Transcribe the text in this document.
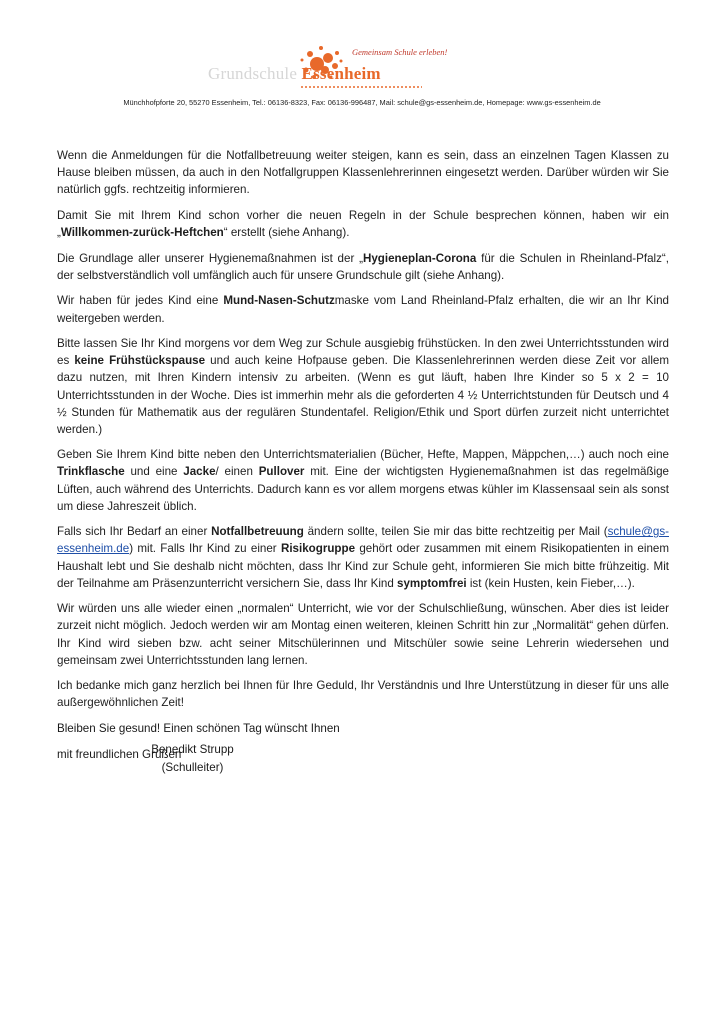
Gemeinsam Schule erleben!
Grundschule Essenheim
Münchhofpforte 20, 55270 Essenheim, Tel.: 06136-8323, Fax: 06136-996487, Mail: schule@gs-essenheim.de, Homepage: www.gs-essenheim.de

Wenn die Anmeldungen für die Notfallbetreuung weiter steigen, kann es sein, dass an einzelnen Tagen Klassen zu Hause bleiben müssen, da auch in den Notfallgruppen Klassenlehrerinnen eingesetzt werden. Darüber würden wir Sie natürlich ggfs. rechtzeitig informieren.

Damit Sie mit Ihrem Kind schon vorher die neuen Regeln in der Schule besprechen können, haben wir ein „Willkommen-zurück-Heftchen“ erstellt (siehe Anhang).

Die Grundlage aller unserer Hygienemaßnahmen ist der „Hygieneplan-Corona für die Schulen in Rheinland-Pfalz“, der selbstverständlich voll umfänglich auch für unsere Grundschule gilt (siehe Anhang).

Wir haben für jedes Kind eine Mund-Nasen-Schutzmaske vom Land Rheinland-Pfalz erhalten, die wir an Ihr Kind weitergeben werden.

Bitte lassen Sie Ihr Kind morgens vor dem Weg zur Schule ausgiebig frühstücken. In den zwei Unterrichtsstunden wird es keine Frühstückspause und auch keine Hofpause geben. Die Klassenlehrerinnen werden diese Zeit vor allem dazu nutzen, mit Ihren Kindern intensiv zu arbeiten. (Wenn es gut läuft, haben Ihre Kinder so 5 x 2 = 10 Unterrichtsstunden in der Woche. Dies ist immerhin mehr als die geforderten 4 ½ Unterrichtstunden für Deutsch und 4 ½ Stunden für Mathematik aus der regulären Stundentafel. Religion/Ethik und Sport dürfen zurzeit nicht unterrichtet werden.)

Geben Sie Ihrem Kind bitte neben den Unterrichtsmaterialien (Bücher, Hefte, Mappen, Mäppchen,…) auch noch eine Trinkflasche und eine Jacke/ einen Pullover mit. Eine der wichtigsten Hygienemaßnahmen ist das regelmäßige Lüften, auch während des Unterrichts. Dadurch kann es vor allem morgens etwas kühler im Klassensaal sein als sonst um diese Jahreszeit üblich.

Falls sich Ihr Bedarf an einer Notfallbetreuung ändern sollte, teilen Sie mir das bitte rechtzeitig per Mail (schule@gs-essenheim.de) mit. Falls Ihr Kind zu einer Risikogruppe gehört oder zusammen mit einem Risikopatienten in einem Haushalt lebt und Sie deshalb nicht möchten, dass Ihr Kind zur Schule geht, informieren Sie mich bitte frühzeitig. Mit der Teilnahme am Präsenzunterricht versichern Sie, dass Ihr Kind symptomfrei ist (kein Husten, kein Fieber,…).

Wir würden uns alle wieder einen „normalen“ Unterricht, wie vor der Schulschließung, wünschen. Aber dies ist leider zurzeit nicht möglich. Jedoch werden wir am Montag einen weiteren, kleinen Schritt hin zur „Normalität“ gehen dürfen. Ihr Kind wird sieben bzw. acht seiner Mitschülerinnen und Mitschüler sowie seine Lehrerin wiedersehen und gemeinsam zwei Unterrichtsstunden lang lernen.

Ich bedanke mich ganz herzlich bei Ihnen für Ihre Geduld, Ihr Verständnis und Ihre Unterstützung in dieser für uns alle außergewöhnlichen Zeit!

Bleiben Sie gesund! Einen schönen Tag wünscht Ihnen

mit freundlichen Grüßen

Benedikt Strupp
(Schulleiter)
